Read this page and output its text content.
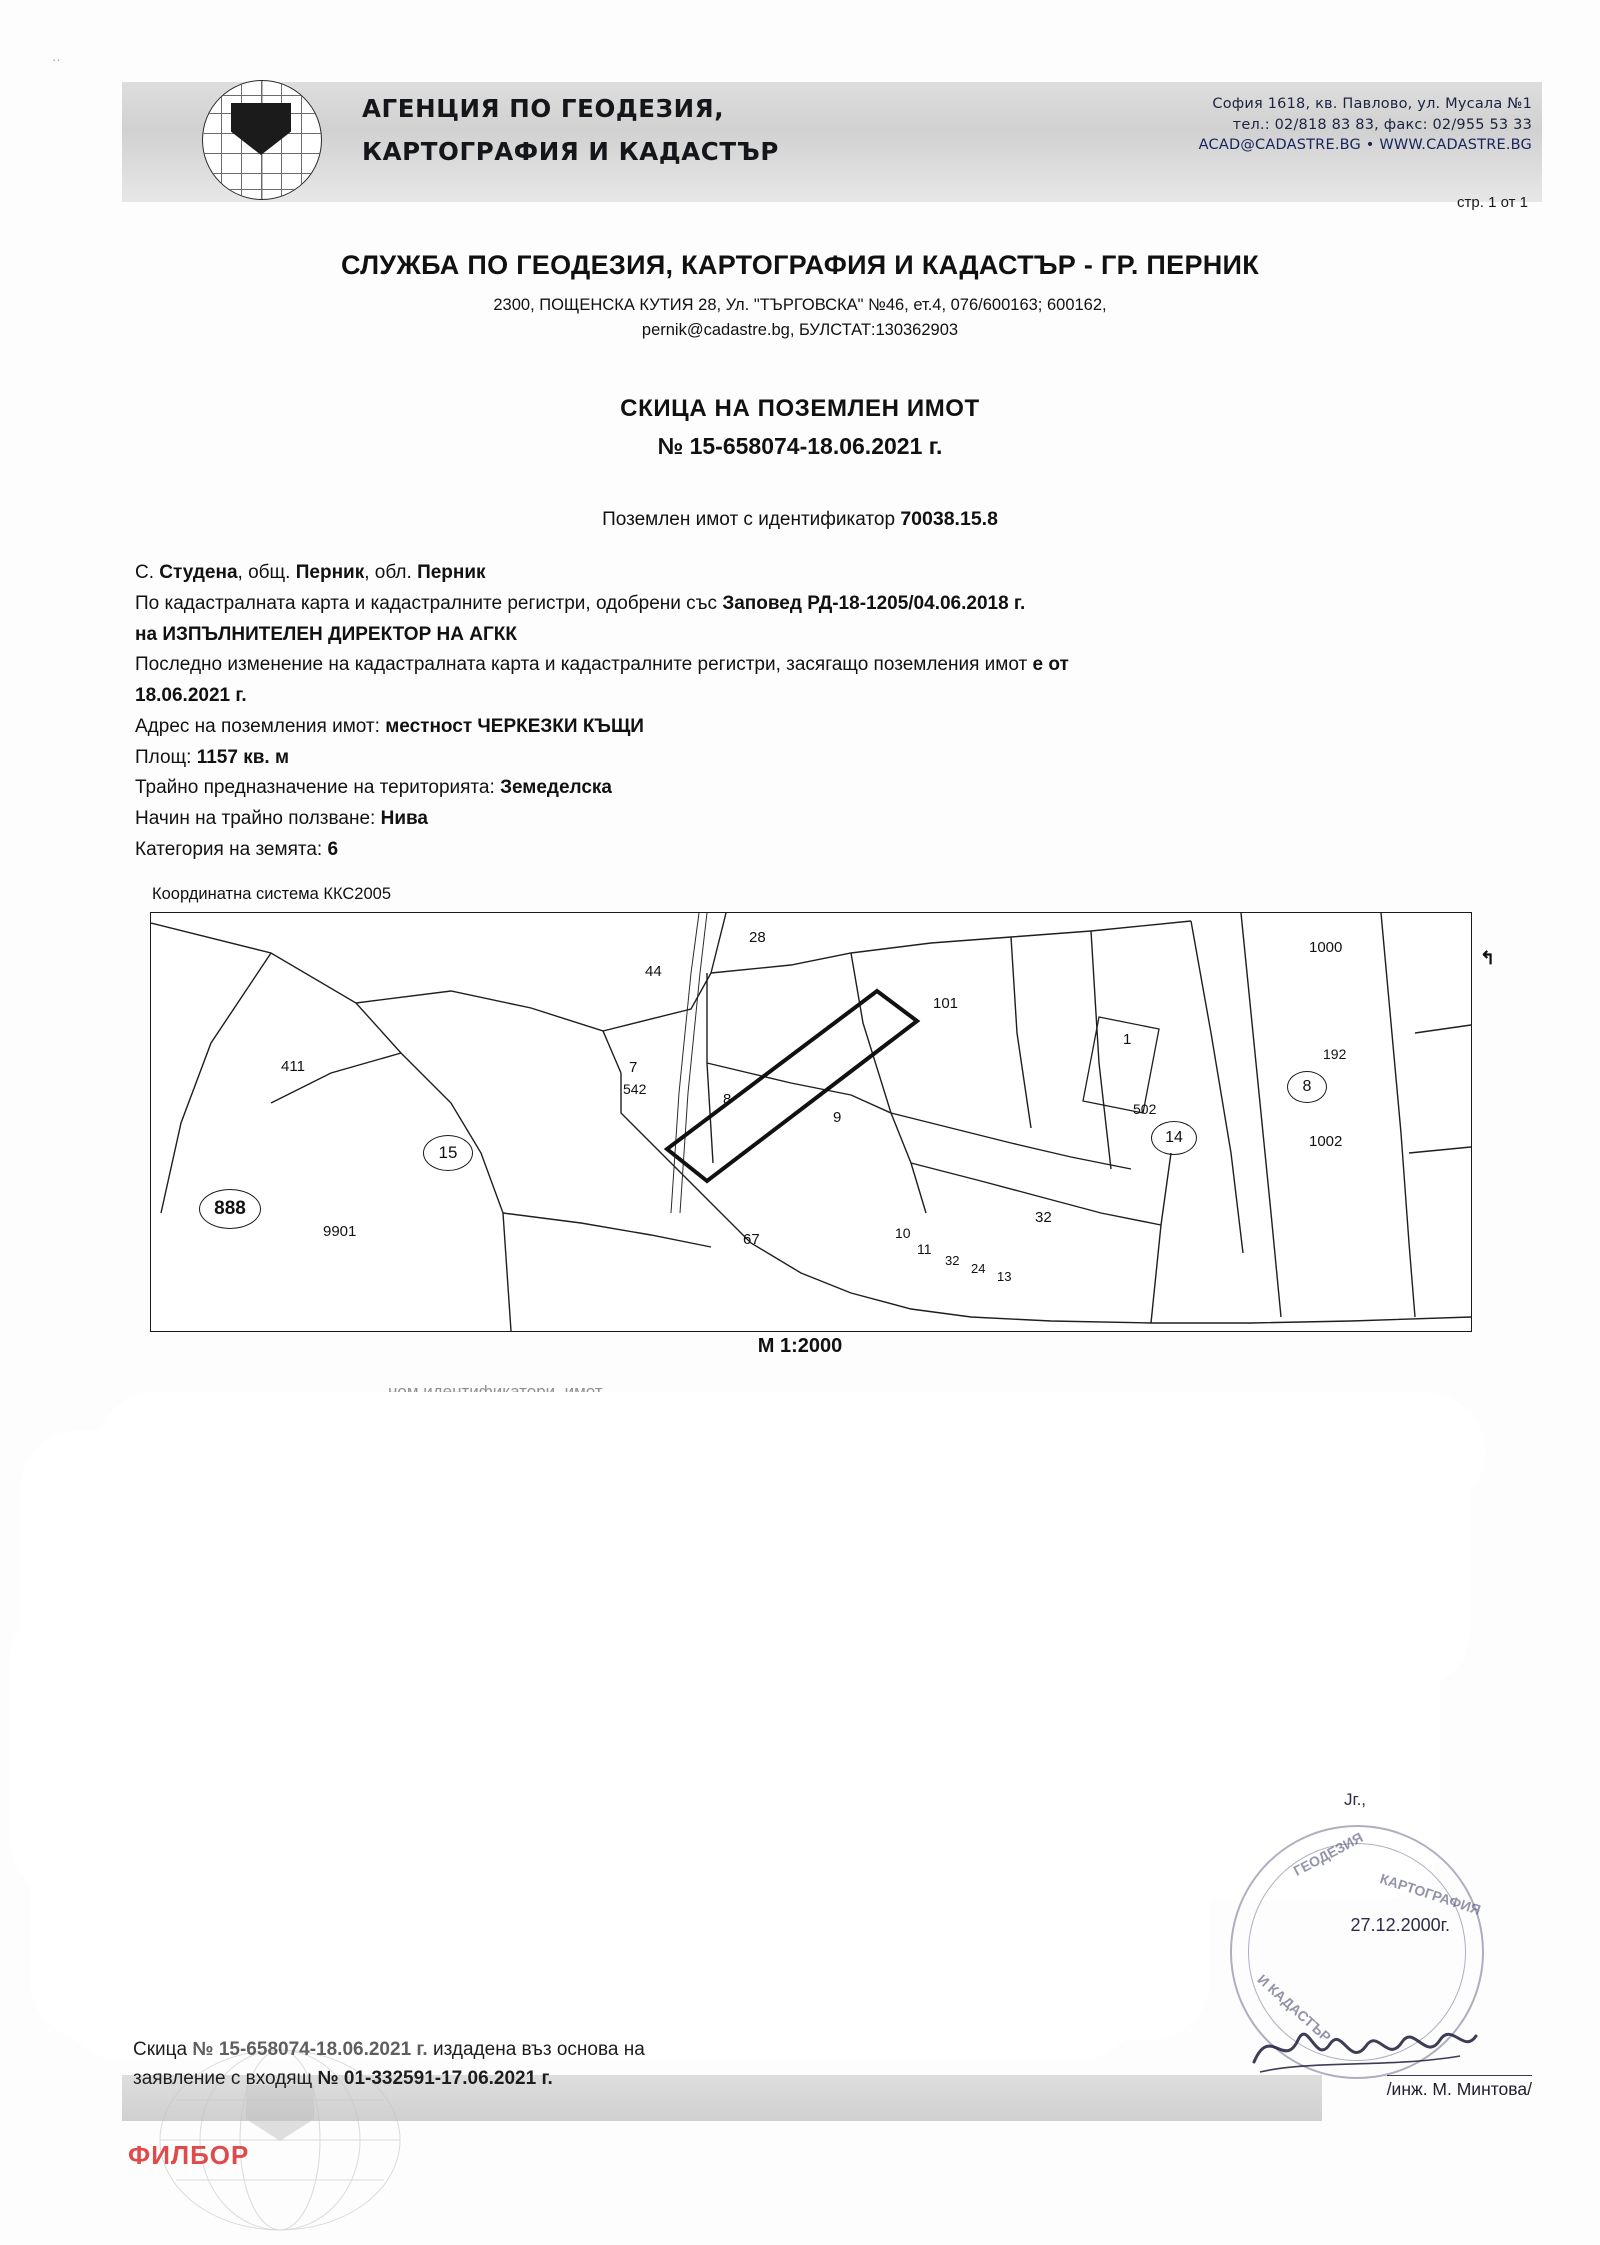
··
АГЕНЦИЯ ПО ГЕОДЕЗИЯ,
КАРТОГРАФИЯ И КАДАСТЪР
София 1618, кв. Павлово, ул. Мусала №1
тел.: 02/818 83 83, факс: 02/955 53 33
ACAD@CADASTRE.BG • WWW.CADASTRE.BG
стр. 1 от 1
СЛУЖБА ПО ГЕОДЕЗИЯ, КАРТОГРАФИЯ И КАДАСТЪР - ГР. ПЕРНИК
2300, ПОЩЕНСКА КУТИЯ 28, Ул. "ТЪРГОВСКА" №46, ет.4, 076/600163; 600162,
pernik@cadastre.bg, БУЛСТАТ:130362903
СКИЦА НА ПОЗЕМЛЕН ИМОТ
№ 15-658074-18.06.2021 г.
Поземлен имот с идентификатор 70038.15.8
С. Студена, общ. Перник, обл. Перник
По кадастралната карта и кадастралните регистри, одобрени със Заповед РД-18-1205/04.06.2018 г.
на ИЗПЪЛНИТЕЛЕН ДИРЕКТОР НА АГКК
Последно изменение на кадастралната карта и кадастралните регистри, засягащо поземления имот е от
18.06.2021 г.
Адрес на поземления имот: местност ЧЕРКЕЗКИ КЪЩИ
Площ: 1157 кв. м
Трайно предназначение на територията: Земеделска
Начин на трайно ползване: Нива
Категория на земята: 6
Координатна система ККС2005
↰
411
15
888
9901
28
44
7
542
8
9
101
1
67	10
11
32
24
13
32
502
14
1000
192
8
1002
М 1:2000
Jг.,
ГЕОДЕЗИЯ
КАРТОГРАФИЯ
И КАДАСТЪР
27.12.2000г.
/инж. М. Минтова/
Скица № 15-658074-18.06.2021 г. издадена въз основа на
заявление с входящ № 01-332591-17.06.2021 г.
ФИЛБОР
